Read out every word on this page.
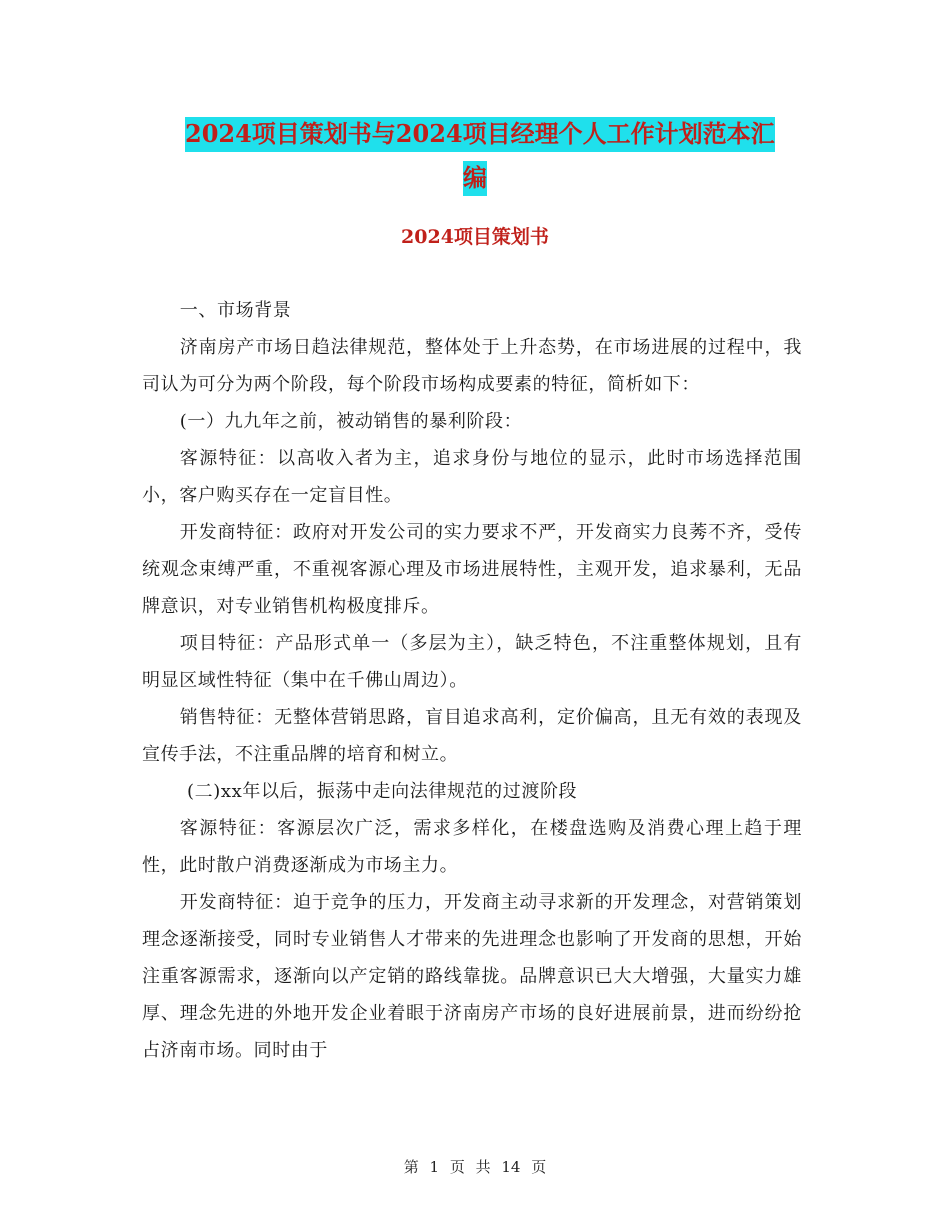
2024项目策划书与2024项目经理个人工作计划范本汇
编
2024项目策划书

一、市场背景

济南房产市场日趋法律规范，整体处于上升态势，在市场进展的过程中，我司认为可分为两个阶段，每个阶段市场构成要素的特征，简析如下：

(一）九九年之前，被动销售的暴利阶段：

客源特征：以高收入者为主，追求身份与地位的显示，此时市场选择范围小，客户购买存在一定盲目性。

开发商特征：政府对开发公司的实力要求不严，开发商实力良莠不齐，受传统观念束缚严重，不重视客源心理及市场进展特性，主观开发，追求暴利，无品牌意识，对专业销售机构极度排斥。

项目特征：产品形式单一（多层为主），缺乏特色，不注重整体规划，且有明显区域性特征（集中在千佛山周边）。

销售特征：无整体营销思路，盲目追求高利，定价偏高，且无有效的表现及宣传手法，不注重品牌的培育和树立。

(二)xx年以后，振荡中走向法律规范的过渡阶段

客源特征：客源层次广泛，需求多样化，在楼盘选购及消费心理上趋于理性，此时散户消费逐渐成为市场主力。

开发商特征：迫于竞争的压力，开发商主动寻求新的开发理念，对营销策划理念逐渐接受，同时专业销售人才带来的先进理念也影响了开发商的思想，开始注重客源需求，逐渐向以产定销的路线靠拢。品牌意识已大大增强，大量实力雄厚、理念先进的外地开发企业着眼于济南房产市场的良好进展前景，进而纷纷抢占济南市场。同时由于

第 1 页 共 14 页
